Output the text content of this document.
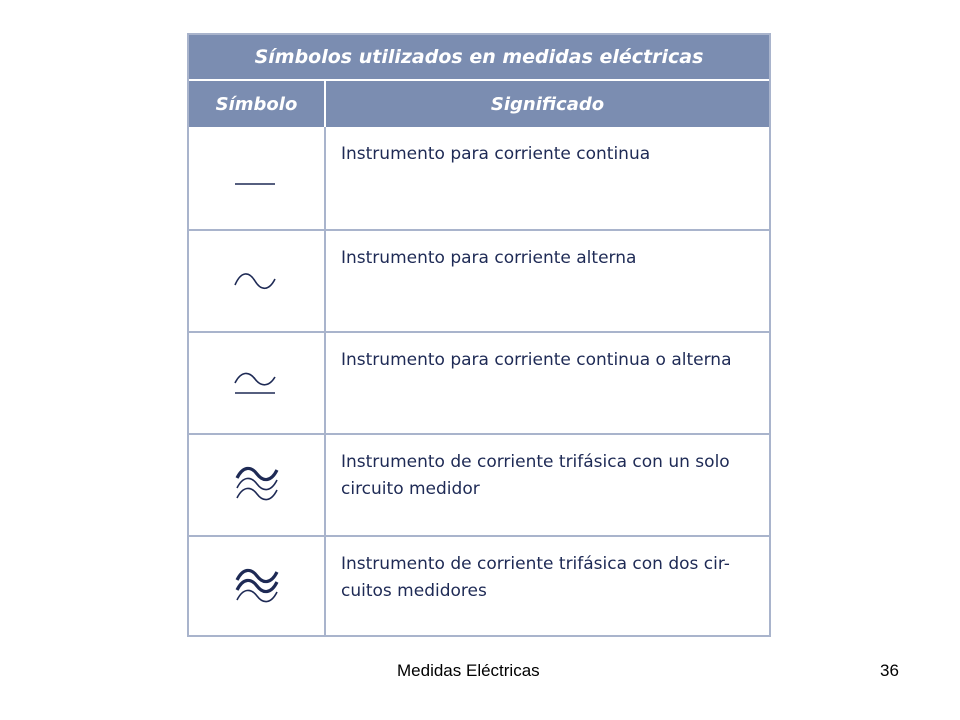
Símbolos utilizados en medidas eléctricas
Símbolo	Significado
Instrumento para corriente continua
Instrumento para corriente alterna
Instrumento para corriente continua o alterna
Instrumento de corriente trifásica con un solo circuito medidor
Instrumento de corriente trifásica con dos cir- cuitos medidores
Medidas Eléctricas	36
